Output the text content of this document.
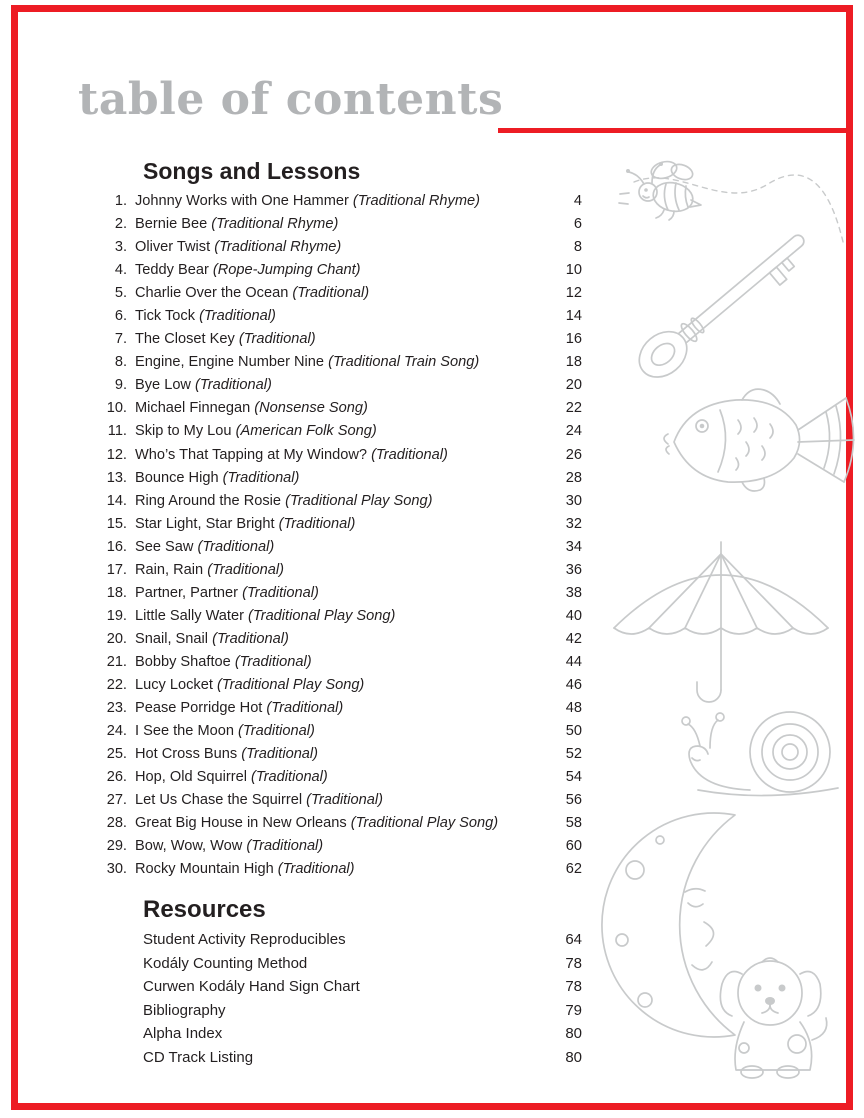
table of contents
Songs and Lessons
1. Johnny Works with One Hammer (Traditional Rhyme)	4
2. Bernie Bee (Traditional Rhyme)	6
3. Oliver Twist (Traditional Rhyme)	8
4. Teddy Bear (Rope-Jumping Chant)	10
5. Charlie Over the Ocean (Traditional)	12
6. Tick Tock (Traditional)	14
7. The Closet Key (Traditional)	16
8. Engine, Engine Number Nine (Traditional Train Song)	18
9. Bye Low (Traditional)	20
10. Michael Finnegan (Nonsense Song)	22
11. Skip to My Lou (American Folk Song)	24
12. Who’s That Tapping at My Window? (Traditional)	26
13. Bounce High (Traditional)	28
14. Ring Around the Rosie (Traditional Play Song)	30
15. Star Light, Star Bright (Traditional)	32
16. See Saw (Traditional)	34
17. Rain, Rain (Traditional)	36
18. Partner, Partner (Traditional)	38
19. Little Sally Water (Traditional Play Song)	40
20. Snail, Snail (Traditional)	42
21. Bobby Shaftoe (Traditional)	44
22. Lucy Locket (Traditional Play Song)	46
23. Pease Porridge Hot (Traditional)	48
24. I See the Moon (Traditional)	50
25. Hot Cross Buns (Traditional)	52
26. Hop, Old Squirrel (Traditional)	54
27. Let Us Chase the Squirrel (Traditional)	56
28. Great Big House in New Orleans (Traditional Play Song)	58
29. Bow, Wow, Wow (Traditional)	60
30. Rocky Mountain High (Traditional)	62
Resources
Student Activity Reproducibles	64
Kodály Counting Method	78
Curwen Kodály Hand Sign Chart	78
Bibliography	79
Alpha Index	80
CD Track Listing	80
